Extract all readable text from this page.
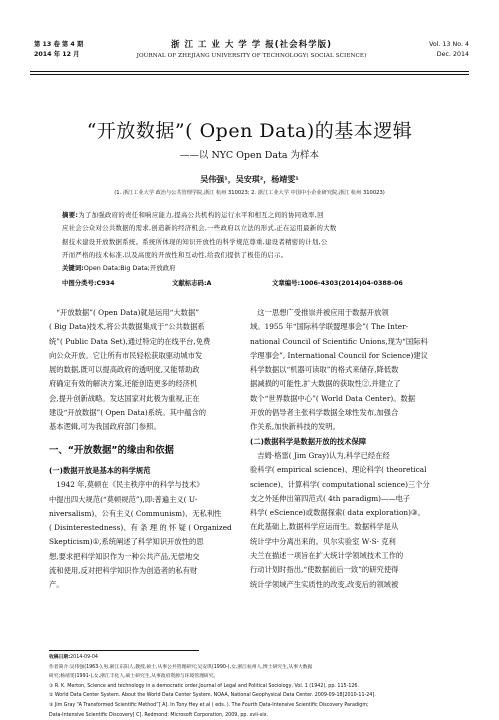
第 13 卷 第 4 期
2014 年 12 月
浙 江 工 业 大 学 学 报(社会科学版)
JOURNAL OF ZHEJIANG UNIVERSITY OF TECHNOLOGY( SOCIAL SCIENCE)
Vol. 13 No. 4
Dec. 2014
“开放数据”( Open Data)的基本逻辑
——以 NYC Open Data 为样本
吴伟强¹，吴安琪²，杨靖雯¹
(1. 浙江工业大学 政治与公共管理学院,浙江 杭州 310023; 2. 浙江工业大学 中国中小企业研究院,浙江 杭州 310023)
摘要:为了加强政府的责任和响应能力,提高公共机构的运行水平和相互之间的协同效率,回
应社会公众对公共数据的需求,创造新的经济机会,一些政府以立法的形式,正在运用最新的大数
据技术建设开放数据系统。系统所体现的知识开放性的科学规范尊重,建设者精密的计划,公
开而严格的技术标准,以及高度的开放性和互动性,给我们提供了极佳的启示。
关键词:Open Data;Big Data;开放政府
中图分类号:C934	文献标志码:A	文章编号:1006-4303(2014)04-0388-06
“开放数据”( Open Data)就是运用“大数据”
( Big Data)技术,将公共数据集成于“公共数据系
统”( Public Data Set),通过特定的在线平台,免费
向公众开放。它让所有市民轻松获取驱动城市发
展的数据,既可以提高政府的透明度,又能帮助政
府确定有效的解决方案,还能创造更多的经济机
会,提升创新战略。发达国家对此极为重视,正在
建设“开放数据”( Open Data)系统。其中蕴含的
基本逻辑,可为我国政府部门参照。
一、“开放数据”的缘由和依据
(一)数据开放是基本的科学规范
1942 年,莫顿在《民主秩序中的科学与技术》
中提出四大规范(“莫顿规范”),即:普遍主义( U-
niversalism)、公有主义( Communism)、无私利性
( Disinterestedness)、有 条 理 的 怀 疑 ( Organized
Skepticism)①,系统阐述了科学知识开放性的思
想,要求把科学知识作为一种公共产品,无偿地交
流和使用,反对把科学知识作为创造者的私有财
产。
这一思想广受推崇并被应用于数据开放领
域。1955 年“国际科学联盟理事会”( The Inter-
national Council of Scientific Unions,现为“国际科
学理事会”, International Council for Science)建议
科学数据以“机器可读取”的格式来储存,降低数
据减损的可能性,扩大数据的获取性②,并建立了
数个“世界数据中心”( World Data Center)。数据
开放的倡导者主张科学数据全球性发布,加强合
作关系,加快新科技的发明。
(二)数据科学是数据开放的技术保障
吉姆·格雷( Jim Gray)认为,科学已经在经
验科学( empirical science)、理论科学( theoretical
science)、计算科学( computational science)三个分
支之外延伸出第四范式( 4th paradigm)——电子
科学( eScience)或数据探索( data exploration)③。
在此基础上,数据科学应运而生。数据科学是从
统计学中分离出来的。贝尔实验室 W·S· 克利
夫兰在描述一项旨在扩大统计学领域技术工作的
行动计划时指出,“使数据前后一致”的研究使得
统计学领域产生实质性的改变,改变后的领域被
收稿日期:2014-09-04
作者简介:吴伟强(1963-),男,浙江东阳人,教授,硕士,从事公共管理研究;吴安琪(1990-),女,浙江杭州人,博士研究生,从事大数据
研究;杨靖雯(1991-),女,浙江丰化人,硕士研究生,从事政府资源与环境管理研究。
① R. K. Merton, Science and technology in a democratic order,Journal of Legal and Political Sociology, Vol. 1 (1942), pp. 115-126.
② World Data Center System. About the World Data Center System. NOAA, National Geophysical Data Center. 2009-09-18[2010-11-24].
③ Jim Gray “A Transformed Scientific Method”[ A]. In Tony Hey et al ( eds. ). The Fourth Data-Intensive Scientific Discovery Paradigm;
Data-Intensive Scientific Discovery[ C]. Redmond: Microsoft Corporation, 2009, pp. xvii-xix.
